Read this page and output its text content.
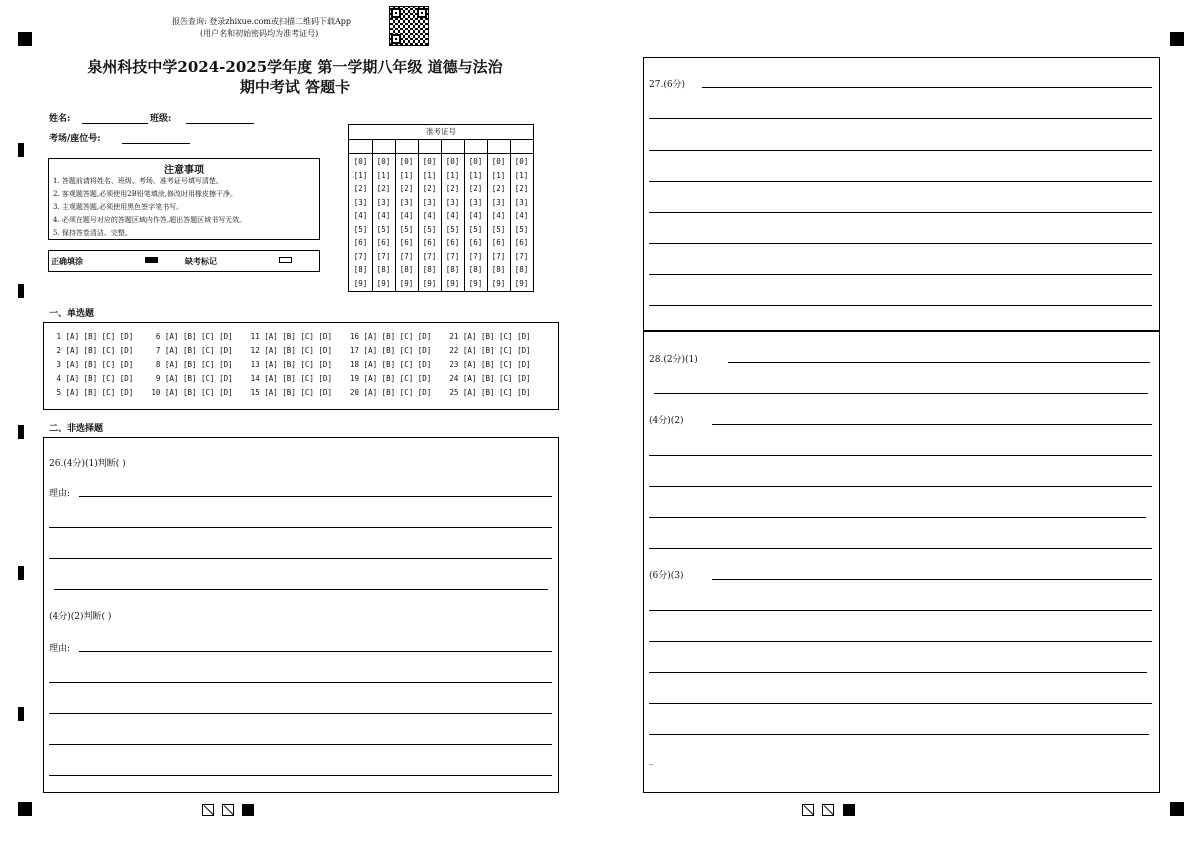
报告查询: 登录zhixue.com或扫描二维码下载App
(用户名和初始密码均为准考证号)
泉州科技中学2024-2025学年度 第一学期八年级 道德与法治
期中考试 答题卡
姓名:	班级:
考场/座位号:
注意事项
1. 答题前请将姓名、班级、考场、准考证号填写清楚。
2. 客观题答题,必须使用2B铅笔填涂,修改时用橡皮擦干净。
3. 主观题答题,必须使用黑色签字笔书写。
4. 必须在题号对应的答题区域内作答,超出答题区域书写无效。
5. 保持答卷清洁、完整。
正确填涂	缺考标记
准考证号
[0]
[1]
[2]
[3]
[4]
[5]
[6]
[7]
[8]
[9]
[0]
[1]
[2]
[3]
[4]
[5]
[6]
[7]
[8]
[9]
[0]
[1]
[2]
[3]
[4]
[5]
[6]
[7]
[8]
[9]
[0]
[1]
[2]
[3]
[4]
[5]
[6]
[7]
[8]
[9]
[0]
[1]
[2]
[3]
[4]
[5]
[6]
[7]
[8]
[9]
[0]
[1]
[2]
[3]
[4]
[5]
[6]
[7]
[8]
[9]
[0]
[1]
[2]
[3]
[4]
[5]
[6]
[7]
[8]
[9]
[0]
[1]
[2]
[3]
[4]
[5]
[6]
[7]
[8]
[9]
一、单选题
1 [A] [B] [C] [D]     6 [A] [B] [C] [D]    11 [A] [B] [C] [D]    16 [A] [B] [C] [D]    21 [A] [B] [C] [D]
2 [A] [B] [C] [D]     7 [A] [B] [C] [D]    12 [A] [B] [C] [D]    17 [A] [B] [C] [D]    22 [A] [B] [C] [D]
3 [A] [B] [C] [D]     8 [A] [B] [C] [D]    13 [A] [B] [C] [D]    18 [A] [B] [C] [D]    23 [A] [B] [C] [D]
4 [A] [B] [C] [D]     9 [A] [B] [C] [D]    14 [A] [B] [C] [D]    19 [A] [B] [C] [D]    24 [A] [B] [C] [D]
5 [A] [B] [C] [D]    10 [A] [B] [C] [D]    15 [A] [B] [C] [D]    20 [A] [B] [C] [D]    25 [A] [B] [C] [D]
二、非选择题
26.(4分)(1)判断( )
理由:
(4分)(2)判断( )
理由:
27.(6分)
28.(2分)(1)
(4分)(2)
(6分)(3)
_
